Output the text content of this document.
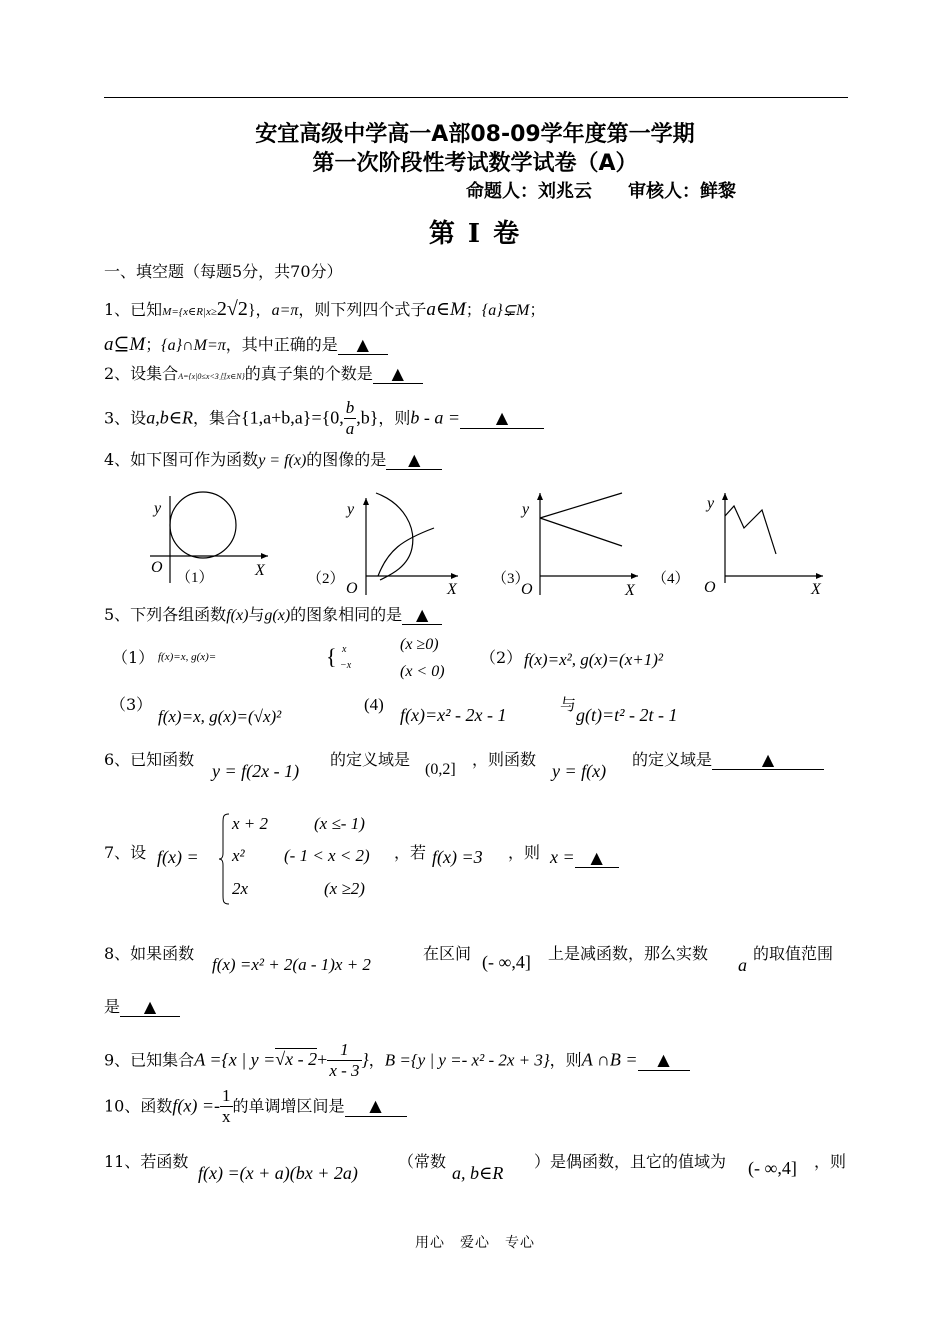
安宜高级中学高一A部08-09学年度第一学期
第一次阶段性考试数学试卷（A）
命题人：刘兆云　　审核人：鲜黎
第 I 卷
一、填空题（每题5分，共70分）
1、已知M={x∈R|x≥2√2}，a=π，则下列四个式子a∈M；{a}⊊M；
a⊆M；{a}∩M=π，其中正确的是 ▲
2、设集合A={x|0≤x<3且x∈N}的真子集的个数是 ▲
3、设a,b∈R，集合{1,a+b,a}={0, $\frac{b}{a} ,b$}，则b - a = ▲
4、如下图可作为函数y = f(x)的图像的是 ▲
y
O	X
（1）
y
O	X
（2）
y
O	X
（3）
y
O	X
（4）
5、下列各组函数f(x)与g(x)的图象相同的是 ▲
（1） f(x)=x, g(x)=	{ x
−x
(x ≥0)
(x < 0)
（2） f(x)=x², g(x)=(x+1)²
（3）
f(x)=x, g(x)=(√x)²
(4)
f(x)=x² - 2x - 1
与
g(t)=t² - 2t - 1
6、已知函数
y = f(2x - 1)
的定义域是
(0,2]
，则函数
y = f(x)
的定义域是	▲
7、设 f(x) =
x + 2	(x ≤- 1)
x² (- 1 < x < 2)
2x	(x ≥2)
，若 f(x) =3 ，则 x = ▲
8、如果函数
f(x) =x² + 2(a - 1)x + 2
在区间 (- ∞,4] 上是减函数，那么实数
a
的取值范围
是 ▲
9、已知集合A ={x | $y =√x - 2+ \frac{1}{x - 3}$ }，B ={y | y =- x² - 2x + 3}，则A ∩B = ▲
10、函数$f(x) =- \frac{1}{x}$ 的单调增区间是 ▲
11、若函数
f(x) =(x + a)(bx + 2a)
（常数
a, b∈R
）是偶函数，且它的值域为 (- ∞,4] ，则
用心　爱心　专心
